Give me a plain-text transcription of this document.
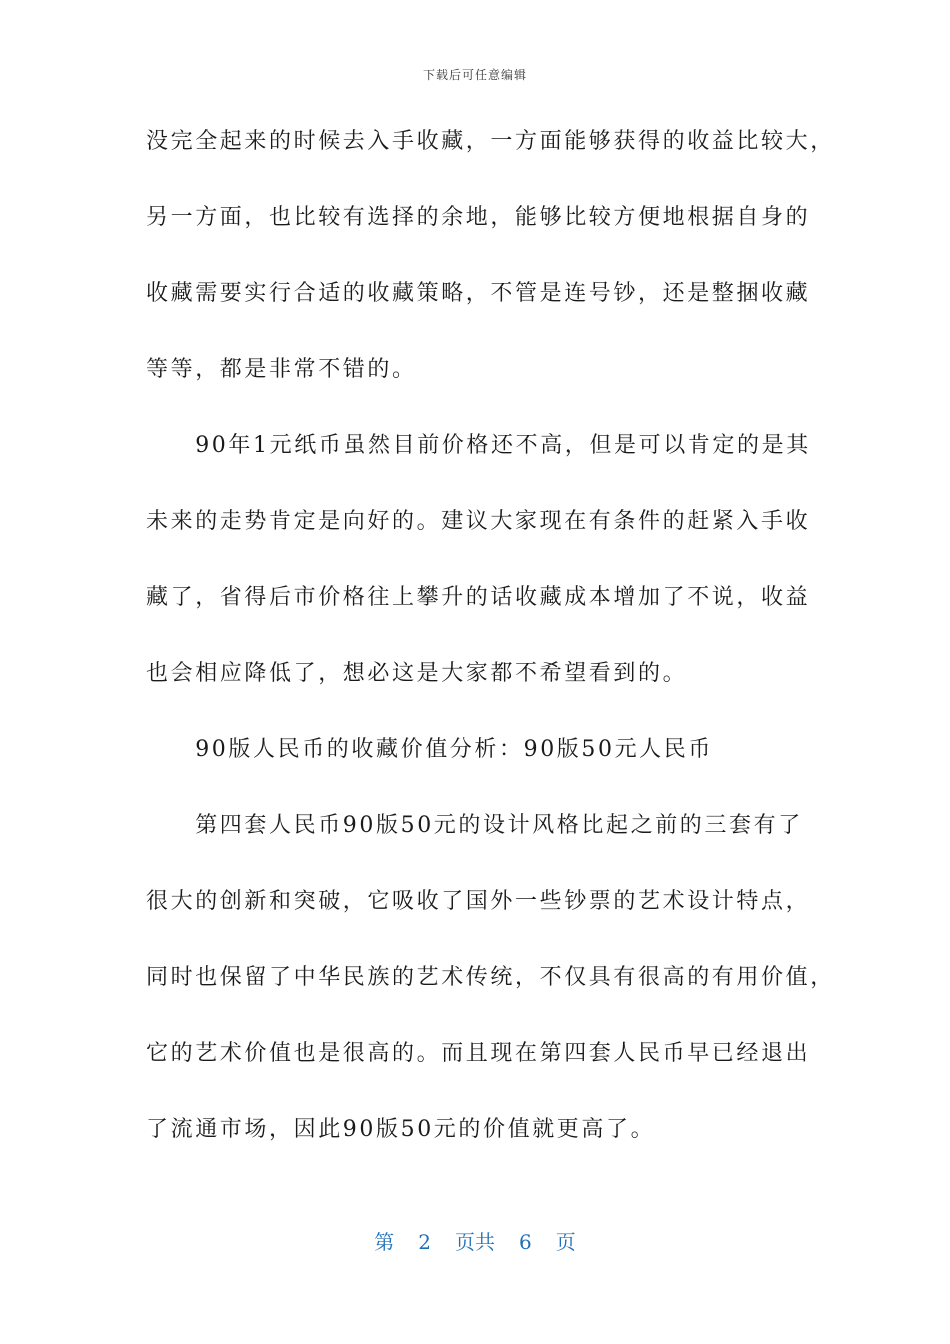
下载后可任意编辑
没完全起来的时候去入手收藏，一方面能够获得的收益比较大，
另一方面，也比较有选择的余地，能够比较方便地根据自身的
收藏需要实行合适的收藏策略，不管是连号钞，还是整捆收藏
等等，都是非常不错的。
　　90年1元纸币虽然目前价格还不高，但是可以肯定的是其
未来的走势肯定是向好的。建议大家现在有条件的赶紧入手收
藏了，省得后市价格往上攀升的话收藏成本增加了不说，收益
也会相应降低了，想必这是大家都不希望看到的。
　　90版人民币的收藏价值分析：90版50元人民币
　　第四套人民币90版50元的设计风格比起之前的三套有了
很大的创新和突破，它吸收了国外一些钞票的艺术设计特点，
同时也保留了中华民族的艺术传统，不仅具有很高的有用价值，
它的艺术价值也是很高的。而且现在第四套人民币早已经退出
了流通市场，因此90版50元的价值就更高了。
第 2 页共 6 页
